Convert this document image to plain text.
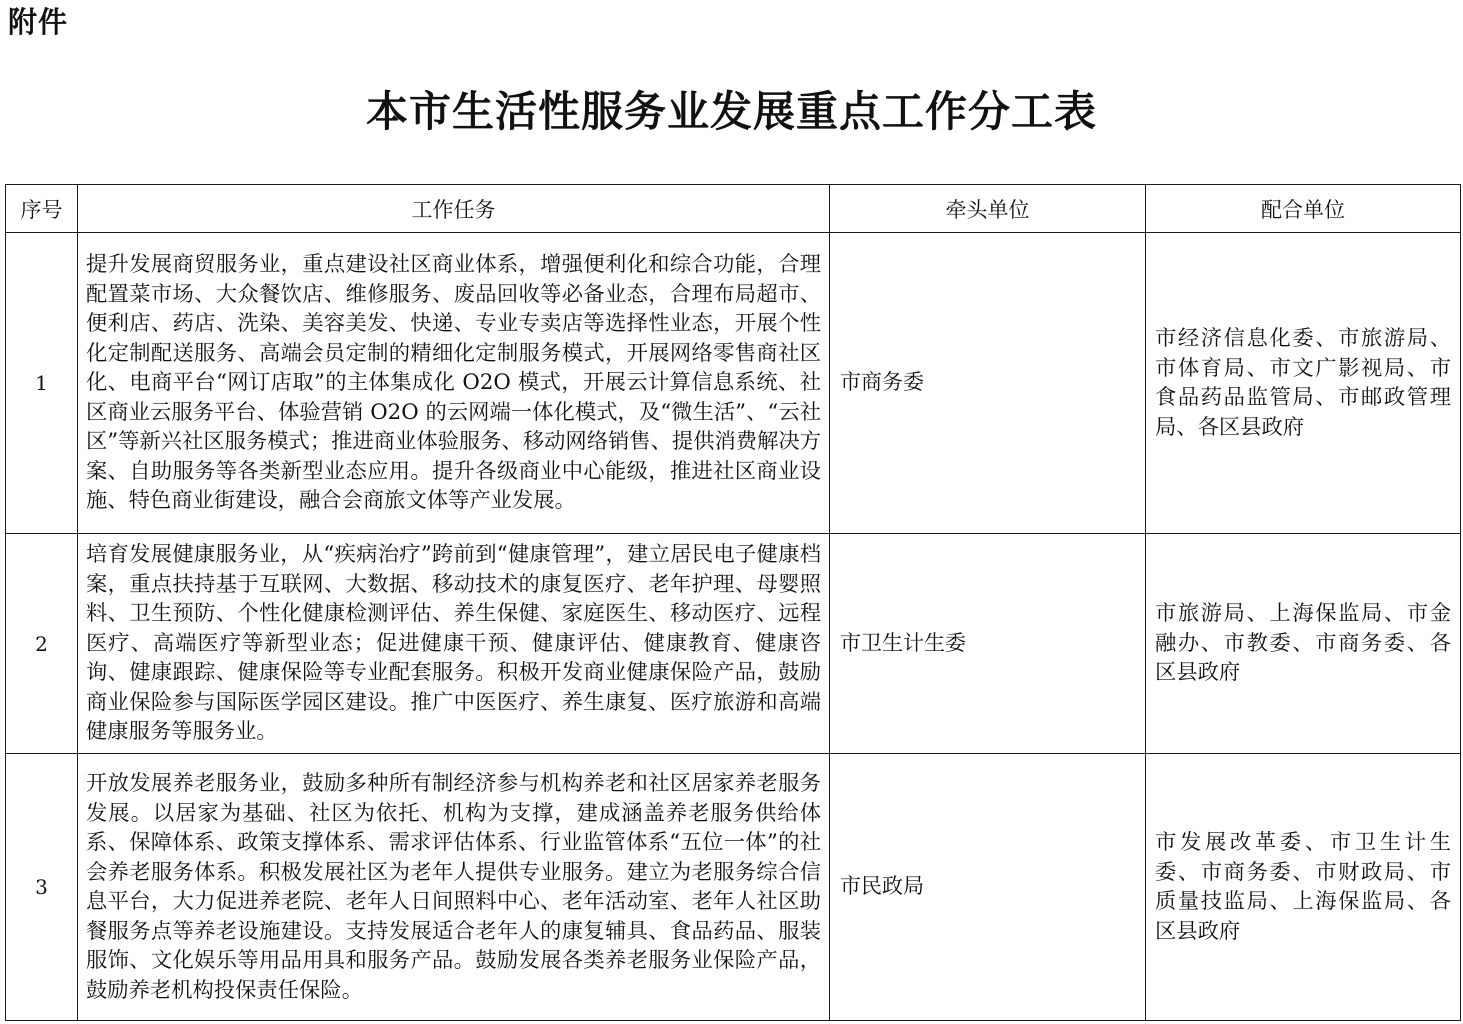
附件
本市生活性服务业发展重点工作分工表
序号	工作任务	牵头单位	配合单位
1	提升发展商贸服务业，重点建设社区商业体系，增强便利化和综合功能，合理配置菜市场、大众餐饮店、维修服务、废品回收等必备业态，合理布局超市、便利店、药店、洗染、美容美发、快递、专业专卖店等选择性业态，开展个性化定制配送服务、高端会员定制的精细化定制服务模式，开展网络零售商社区化、电商平台“网订店取”的主体集成化 O2O 模式，开展云计算信息系统、社区商业云服务平台、体验营销 O2O 的云网端一体化模式，及“微生活”、“云社区”等新兴社区服务模式；推进商业体验服务、移动网络销售、提供消费解决方案、自助服务等各类新型业态应用。提升各级商业中心能级，推进社区商业设施、特色商业街建设，融合会商旅文体等产业发展。	市商务委	市经济信息化委、市旅游局、市体育局、市文广影视局、市食品药品监管局、市邮政管理局、各区县政府
2	培育发展健康服务业，从“疾病治疗”跨前到“健康管理”，建立居民电子健康档案，重点扶持基于互联网、大数据、移动技术的康复医疗、老年护理、母婴照料、卫生预防、个性化健康检测评估、养生保健、家庭医生、移动医疗、远程医疗、高端医疗等新型业态；促进健康干预、健康评估、健康教育、健康咨询、健康跟踪、健康保险等专业配套服务。积极开发商业健康保险产品，鼓励商业保险参与国际医学园区建设。推广中医医疗、养生康复、医疗旅游和高端健康服务等服务业。	市卫生计生委	市旅游局、上海保监局、市金融办、市教委、市商务委、各区县政府
3	开放发展养老服务业，鼓励多种所有制经济参与机构养老和社区居家养老服务发展。以居家为基础、社区为依托、机构为支撑，建成涵盖养老服务供给体系、保障体系、政策支撑体系、需求评估体系、行业监管体系“五位一体”的社会养老服务体系。积极发展社区为老年人提供专业服务。建立为老服务综合信息平台，大力促进养老院、老年人日间照料中心、老年活动室、老年人社区助餐服务点等养老设施建设。支持发展适合老年人的康复辅具、食品药品、服装服饰、文化娱乐等用品用具和服务产品。鼓励发展各类养老服务业保险产品，鼓励养老机构投保责任保险。	市民政局	市发展改革委、市卫生计生委、市商务委、市财政局、市质量技监局、上海保监局、各区县政府
